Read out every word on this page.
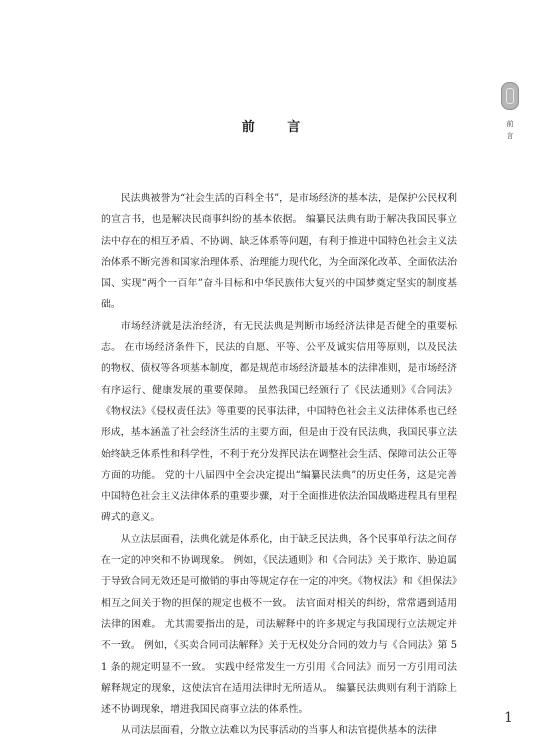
前 言	前言

民法典被誉为“社会生活的百科全书”，是市场经济的基本法，是保护公民权利的宣言书，也是解决民商事纠纷的基本依据。 编纂民法典有助于解决我国民事立法中存在的相互矛盾、不协调、缺乏体系等问题，有利于推进中国特色社会主义法治体系不断完善和国家治理体系、治理能力现代化，为全面深化改革、全面依法治国、实现“两个一百年”奋斗目标和中华民族伟大复兴的中国梦奠定坚实的制度基础。

市场经济就是法治经济，有无民法典是判断市场经济法律是否健全的重要标志。 在市场经济条件下，民法的自愿、平等、公平及诚实信用等原则，以及民法的物权、债权等各项基本制度，都是规范市场经济最基本的法律准则，是市场经济有序运行、健康发展的重要保障。 虽然我国已经颁行了《民法通则》《合同法》《物权法》《侵权责任法》等重要的民事法律，中国特色社会主义法律体系也已经形成，基本涵盖了社会经济生活的主要方面，但是由于没有民法典，我国民事立法始终缺乏体系性和科学性，不利于充分发挥民法在调整社会生活、保障司法公正等方面的功能。 党的十八届四中全会决定提出“编纂民法典”的历史任务，这是完善中国特色社会主义法律体系的重要步骤，对于全面推进依法治国战略进程具有里程碑式的意义。

从立法层面看，法典化就是体系化，由于缺乏民法典，各个民事单行法之间存在一定的冲突和不协调现象。 例如，《民法通则》和《合同法》关于欺诈、胁迫属于导致合同无效还是可撤销的事由等规定存在一定的冲突。《物权法》和《担保法》相互之间关于物的担保的规定也极不一致。 法官面对相关的纠纷，常常遇到适用法律的困难。 尤其需要指出的是，司法解释中的许多规定与我国现行立法规定并不一致。 例如，《买卖合同司法解释》关于无权处分合同的效力与《合同法》第 51 条的规定明显不一致。 实践中经常发生一方引用《合同法》而另一方引用司法解释规定的现象，这使法官在适用法律时无所适从。 编纂民法典则有利于消除上述不协调现象，增进我国民商事立法的体系性。

从司法层面看，分散立法难以为民事活动的当事人和法官提供基本的法律

1
